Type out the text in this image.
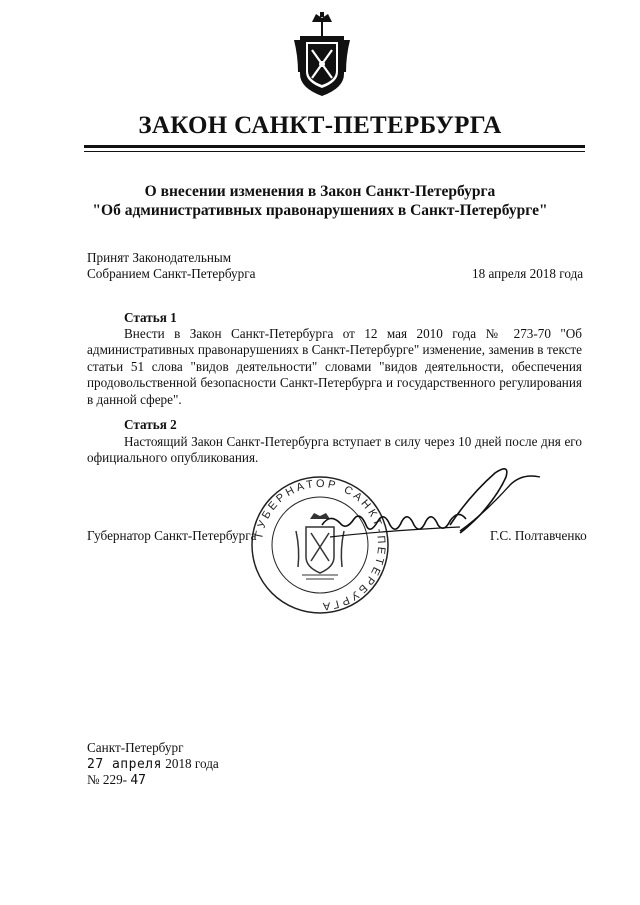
ЗАКОН САНКТ-ПЕТЕРБУРГА
О внесении изменения в Закон Санкт-Петербурга
"Об административных правонарушениях в Санкт-Петербурге"
Принят Законодательным
Собранием Санкт-Петербурга	18 апреля 2018 года
Статья 1
Внести в Закон Санкт-Петербурга от 12 мая 2010 года № 273-70 "Об административных правонарушениях в Санкт-Петербурге" изменение, заменив в тексте статьи 51 слова "видов деятельности" словами "видов деятельности, обеспечения продовольственной безопасности Санкт-Петербурга и государственного регулирования в данной сфере".
Статья 2
Настоящий Закон Санкт-Петербурга вступает в силу через 10 дней после дня его официального опубликования.
ГУБЕРНАТОР САНКТ-ПЕТЕРБУРГА
Губернатор Санкт-Петербурга	Г.С. Полтавченко
Санкт-Петербург
27 апреля 2018 года
№ 229- 47
